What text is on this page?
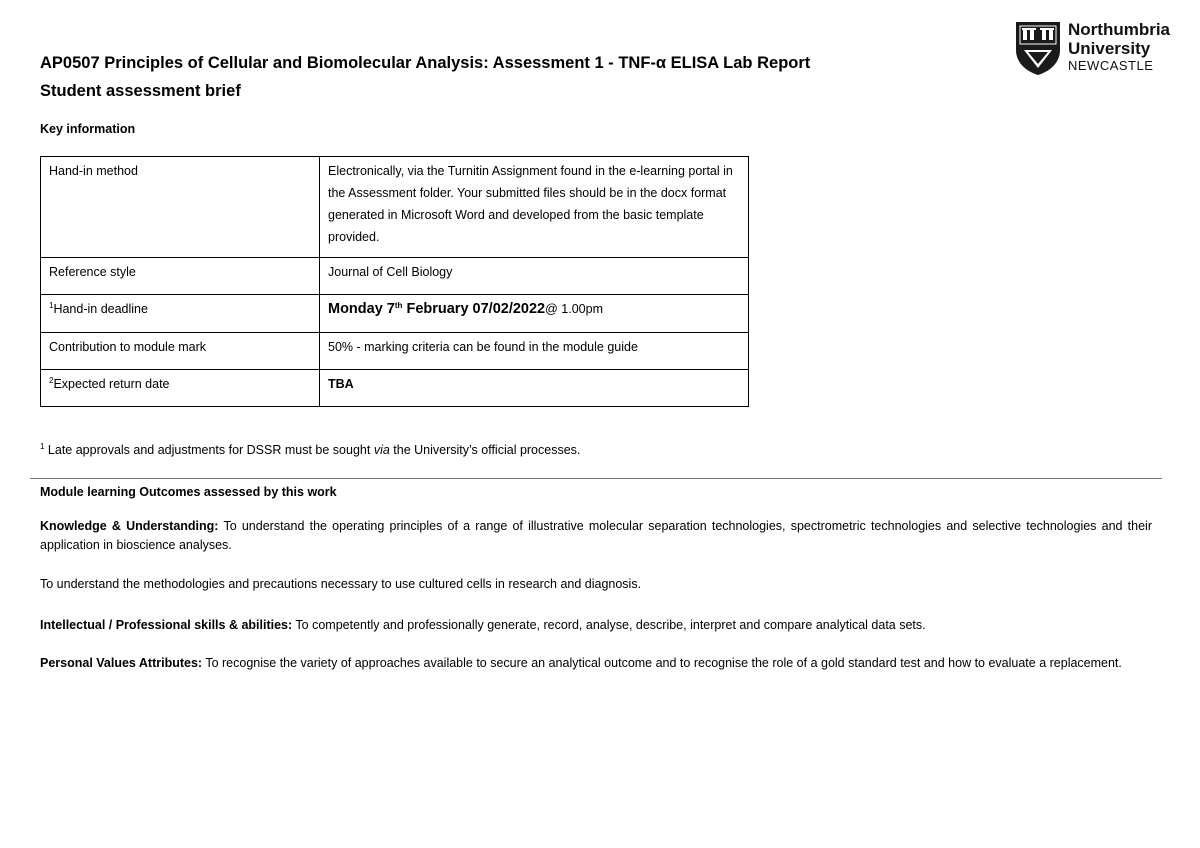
AP0507 Principles of Cellular and Biomolecular Analysis: Assessment 1 - TNF-α ELISA Lab Report
Student assessment brief
Key information
Northumbria
University
NEWCASTLE
Hand-in method	Electronically, via the Turnitin Assignment found in the e-learning portal in the Assessment folder. Your submitted files should be in the docx format generated in Microsoft Word and developed from the basic template provided.
Reference style	Journal of Cell Biology
$^1$Hand-in deadline	Monday 7th February 07/02/2022@ 1.00pm
Contribution to module mark	50% - marking criteria can be found in the module guide
$^2$Expected return date	TBA
$^1$ Late approvals and adjustments for DSSR must be sought via the University’s official processes.
Module learning Outcomes assessed by this work
Knowledge & Understanding: To understand the operating principles of a range of illustrative molecular separation technologies, spectrometric technologies and selective technologies and their application in bioscience analyses.
To understand the methodologies and precautions necessary to use cultured cells in research and diagnosis.
Intellectual / Professional skills & abilities: To competently and professionally generate, record, analyse, describe, interpret and compare analytical data sets.
Personal Values Attributes: To recognise the variety of approaches available to secure an analytical outcome and to recognise the role of a gold standard test and how to evaluate a replacement.
